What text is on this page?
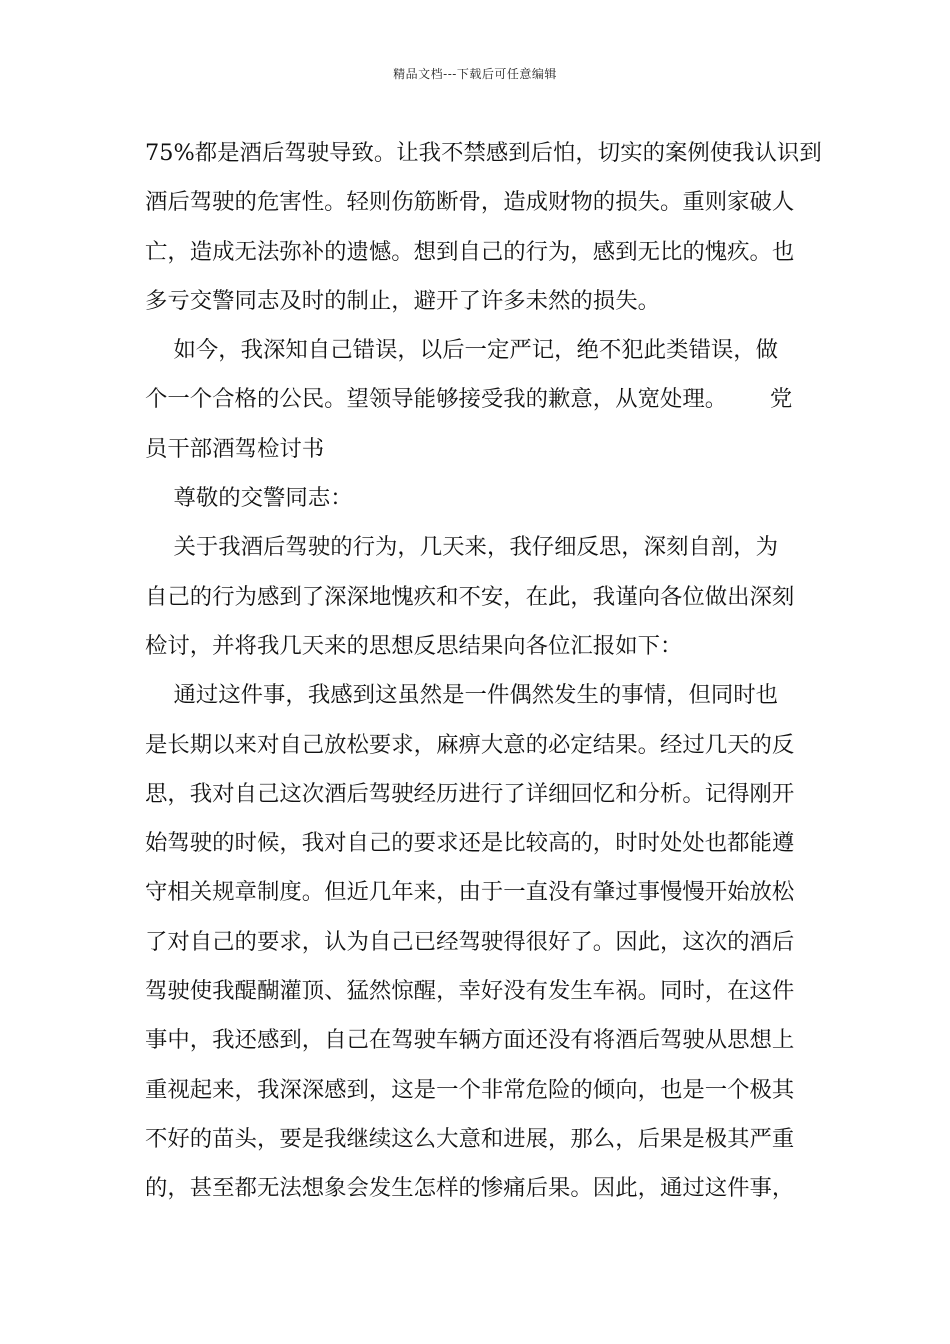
精品文档---下载后可任意编辑
75%都是酒后驾驶导致。让我不禁感到后怕，切实的案例使我认识到
酒后驾驶的危害性。轻则伤筋断骨，造成财物的损失。重则家破人
亡，造成无法弥补的遗憾。想到自己的行为，感到无比的愧疚。也
多亏交警同志及时的制止，避开了许多未然的损失。
如今，我深知自己错误，以后一定严记，绝不犯此类错误，做
个一个合格的公民。望领导能够接受我的歉意，从宽处理。      党
员干部酒驾检讨书
尊敬的交警同志：
关于我酒后驾驶的行为，几天来，我仔细反思，深刻自剖，为
自己的行为感到了深深地愧疚和不安，在此，我谨向各位做出深刻
检讨，并将我几天来的思想反思结果向各位汇报如下：
通过这件事，我感到这虽然是一件偶然发生的事情，但同时也
是长期以来对自己放松要求，麻痹大意的必定结果。经过几天的反
思，我对自己这次酒后驾驶经历进行了详细回忆和分析。记得刚开
始驾驶的时候，我对自己的要求还是比较高的，时时处处也都能遵
守相关规章制度。但近几年来，由于一直没有肇过事慢慢开始放松
了对自己的要求，认为自己已经驾驶得很好了。因此，这次的酒后
驾驶使我醍醐灌顶、猛然惊醒，幸好没有发生车祸。同时，在这件
事中，我还感到，自己在驾驶车辆方面还没有将酒后驾驶从思想上
重视起来，我深深感到，这是一个非常危险的倾向，也是一个极其
不好的苗头，要是我继续这么大意和进展，那么，后果是极其严重
的，甚至都无法想象会发生怎样的惨痛后果。因此，通过这件事，
